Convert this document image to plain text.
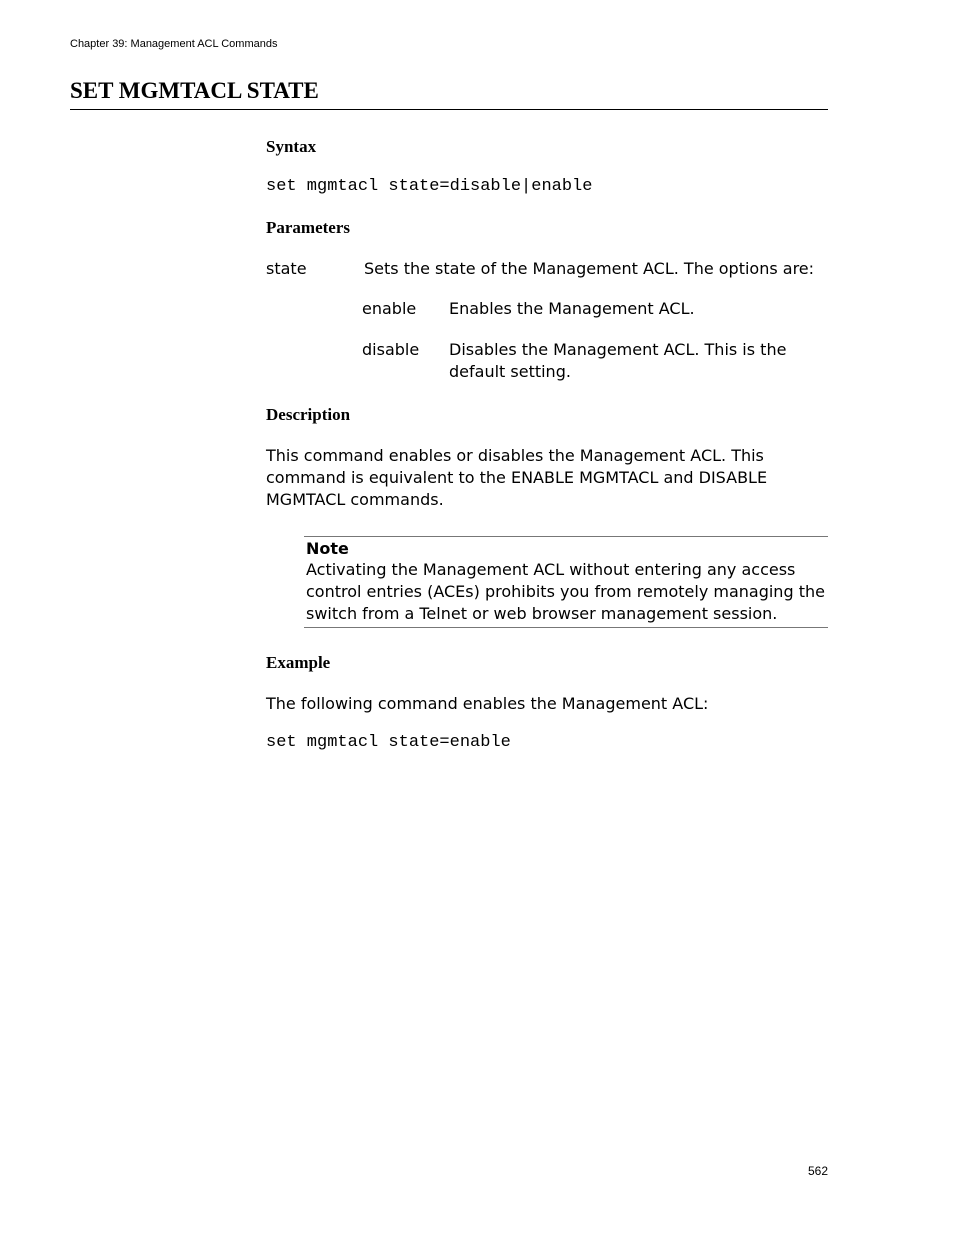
Chapter 39: Management ACL Commands
SET MGMTACL STATE
Syntax
set mgmtacl state=disable|enable
Parameters
state	Sets the state of the Management ACL. The options are:
enable Enables the Management ACL.
disable Disables the Management ACL. This is the default setting.
Description
This command enables or disables the Management ACL. This command is equivalent to the ENABLE MGMTACL and DISABLE MGMTACL commands.
Note
Activating the Management ACL without entering any access control entries (ACEs) prohibits you from remotely managing the switch from a Telnet or web browser management session.
Example
The following command enables the Management ACL:
set mgmtacl state=enable
562
